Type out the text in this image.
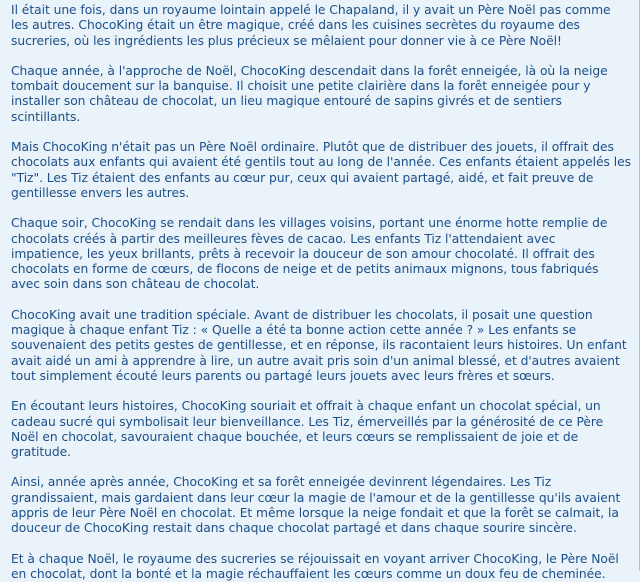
Il était une fois, dans un royaume lointain appelé le Chapaland, il y avait un Père Noël pas comme les autres. ChocoKing était un être magique, créé dans les cuisines secrètes du royaume des sucreries, où les ingrédients les plus précieux se mêlaient pour donner vie à ce Père Noël!

Chaque année, à l'approche de Noël, ChocoKing descendait dans la forêt enneigée, là où la neige tombait doucement sur la banquise. Il choisit une petite clairière dans la forêt enneigée pour y installer son château de chocolat, un lieu magique entouré de sapins givrés et de sentiers scintillants.

Mais ChocoKing n'était pas un Père Noël ordinaire. Plutôt que de distribuer des jouets, il offrait des chocolats aux enfants qui avaient été gentils tout au long de l'année. Ces enfants étaient appelés les "Tiz". Les Tiz étaient des enfants au cœur pur, ceux qui avaient partagé, aidé, et fait preuve de gentillesse envers les autres.

Chaque soir, ChocoKing se rendait dans les villages voisins, portant une énorme hotte remplie de chocolats créés à partir des meilleures fèves de cacao. Les enfants Tiz l'attendaient avec impatience, les yeux brillants, prêts à recevoir la douceur de son amour chocolaté. Il offrait des chocolats en forme de cœurs, de flocons de neige et de petits animaux mignons, tous fabriqués avec soin dans son château de chocolat.

ChocoKing avait une tradition spéciale. Avant de distribuer les chocolats, il posait une question magique à chaque enfant Tiz : « Quelle a été ta bonne action cette année ? » Les enfants se souvenaient des petits gestes de gentillesse, et en réponse, ils racontaient leurs histoires. Un enfant avait aidé un ami à apprendre à lire, un autre avait pris soin d'un animal blessé, et d'autres avaient tout simplement écouté leurs parents ou partagé leurs jouets avec leurs frères et sœurs.

En écoutant leurs histoires, ChocoKing souriait et offrait à chaque enfant un chocolat spécial, un cadeau sucré qui symbolisait leur bienveillance. Les Tiz, émerveillés par la générosité de ce Père Noël en chocolat, savouraient chaque bouchée, et leurs cœurs se remplissaient de joie et de gratitude.

Ainsi, année après année, ChocoKing et sa forêt enneigée devinrent légendaires. Les Tiz grandissaient, mais gardaient dans leur cœur la magie de l'amour et de la gentillesse qu'ils avaient appris de leur Père Noël en chocolat. Et même lorsque la neige fondait et que la forêt se calmait, la douceur de ChocoKing restait dans chaque chocolat partagé et dans chaque sourire sincère.

Et à chaque Noël, le royaume des sucreries se réjouissait en voyant arriver ChocoKing, le Père Noël en chocolat, dont la bonté et la magie réchauffaient les cœurs comme un doux feu de cheminée.
